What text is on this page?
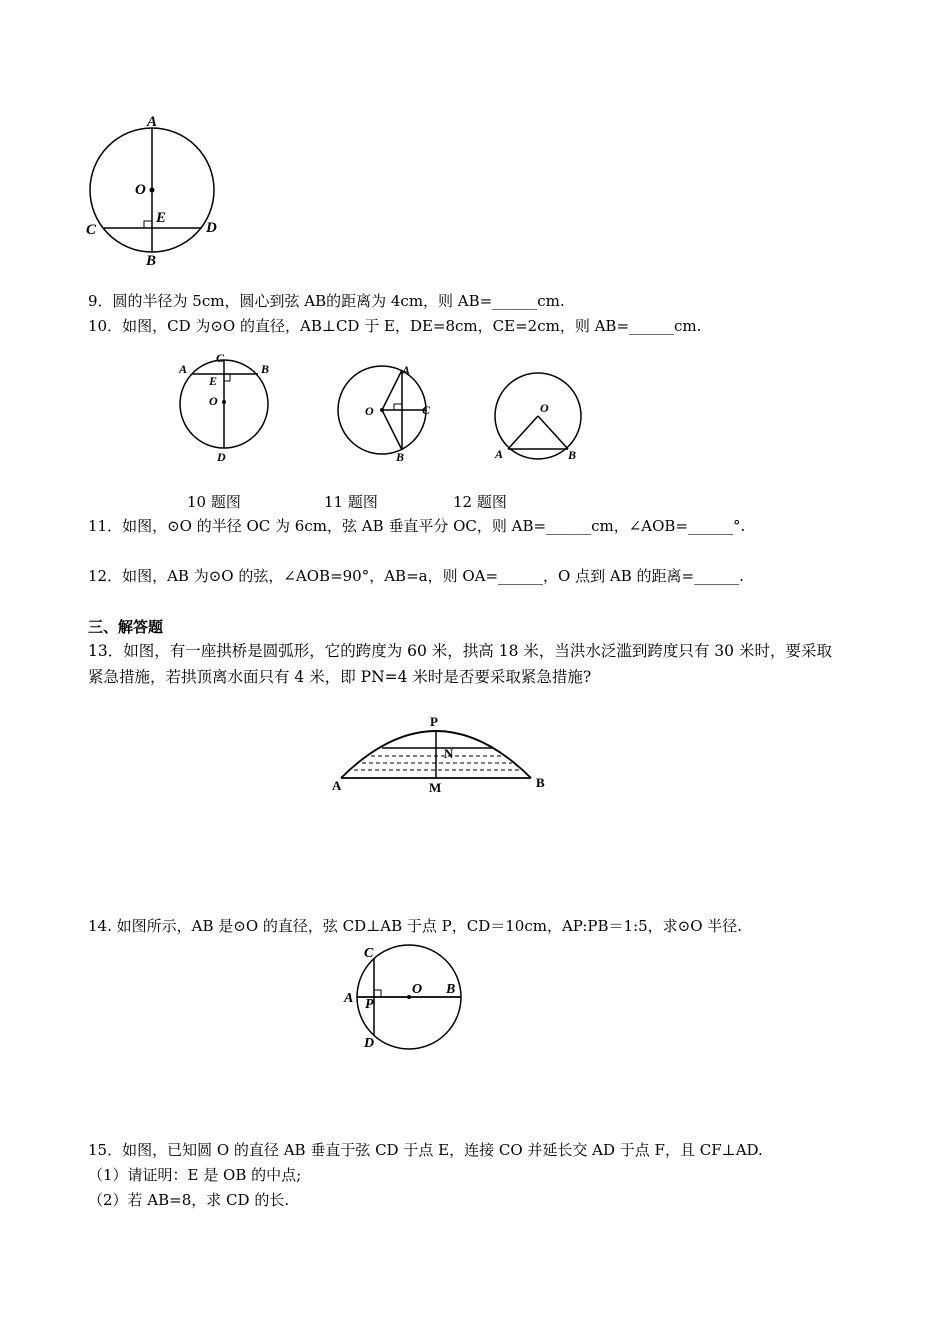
A
O
E
C	D
B
9．圆的半径为 5cm，圆心到弦 AB的距离为 4cm，则 AB=______cm.
10．如图，CD 为⊙O 的直径，AB⊥CD 于 E，DE=8cm，CE=2cm，则 AB=______cm.
C
A	B
E
O
D
A
O	C
B
O
A	B
10 题图	11 题图	12 题图
11．如图，⊙O 的半径 OC 为 6cm，弦 AB 垂直平分 OC，则 AB=______cm，∠AOB=______°.
12．如图，AB 为⊙O 的弦，∠AOB=90°，AB=a，则 OA=______，O 点到 AB 的距离=______.
三、解答题
13．如图，有一座拱桥是圆弧形，它的跨度为 60 米，拱高 18 米，当洪水泛滥到跨度只有 30 米时，要采取
紧急措施，若拱顶离水面只有 4 米，即 PN=4 米时是否要采取紧急措施?
P
N
A	M	B
14. 如图所示，AB 是⊙O 的直径，弦 CD⊥AB 于点 P，CD＝10cm，AP:PB＝1:5，求⊙O 半径.
C
A P
O B
D
15．如图，已知圆 O 的直径 AB 垂直于弦 CD 于点 E，连接 CO 并延长交 AD 于点 F，且 CF⊥AD.
（1）请证明：E 是 OB 的中点;
（2）若 AB=8，求 CD 的长.
